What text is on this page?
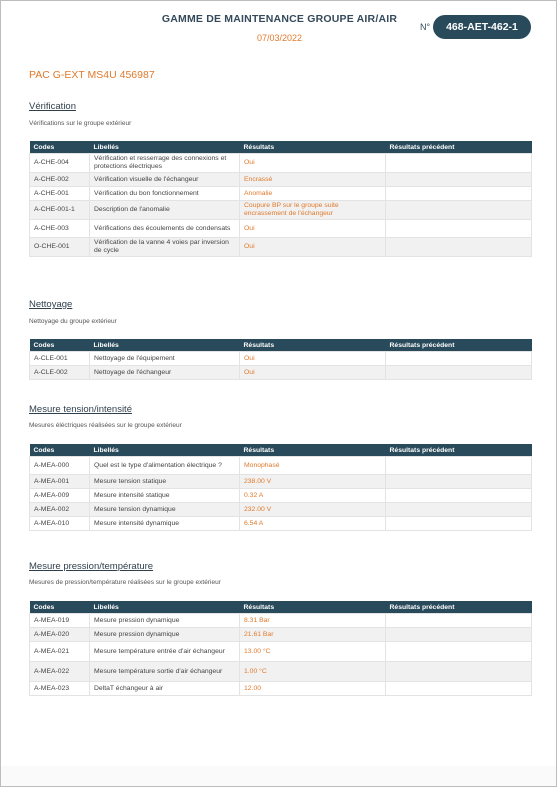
GAMME DE MAINTENANCE GROUPE AIR/AIR
07/03/2022
N°	468-AET-462-1
PAC G-EXT MS4U 456987
Vérification
Vérifications sur le groupe extérieur
Codes	Libellés	Résultats	Résultats précédent
A-CHE-004	Vérification et resserrage des connexions et protections électriques	Oui	
A-CHE-002	Vérification visuelle de l'échangeur	Encrassé	
A-CHE-001	Vérification du bon fonctionnement	Anomalie	
A-CHE-001-1	Description de l'anomalie	Coupure BP sur le groupe suite encrassement de l'échangeur	
A-CHE-003	Vérifications des écoulements de condensats	Oui	
O-CHE-001	Vérification de la vanne 4 voies par inversion de cycle	Oui	
Nettoyage
Nettoyage du groupe extérieur
Codes	Libellés	Résultats	Résultats précédent
A-CLE-001	Nettoyage de l'équipement	Oui	
A-CLE-002	Nettoyage de l'échangeur	Oui	
Mesure tension/intensité
Mesures éléctriques réalisées sur le groupe extérieur
Codes	Libellés	Résultats	Résultats précédent
A-MEA-000	Quel est le type d'alimentation électrique ?	Monophasé	
A-MEA-001	Mesure tension statique	238.00 V	
A-MEA-009	Mesure intensité statique	0.32 A	
A-MEA-002	Mesure tension dynamique	232.00 V	
A-MEA-010	Mesure intensité dynamique	6.54 A	
Mesure pression/température
Mesures de pression/température réalisées sur le groupe extérieur
Codes	Libellés	Résultats	Résultats précédent
A-MEA-019	Mesure pression dynamique	8.31 Bar	
A-MEA-020	Mesure pression dynamique	21.61 Bar	
A-MEA-021	Mesure température entrée d'air échangeur	13.00 °C	
A-MEA-022	Mesure température sortie d'air échangeur	1.00 °C	
A-MEA-023	DeltaT échangeur à air	12.00	
